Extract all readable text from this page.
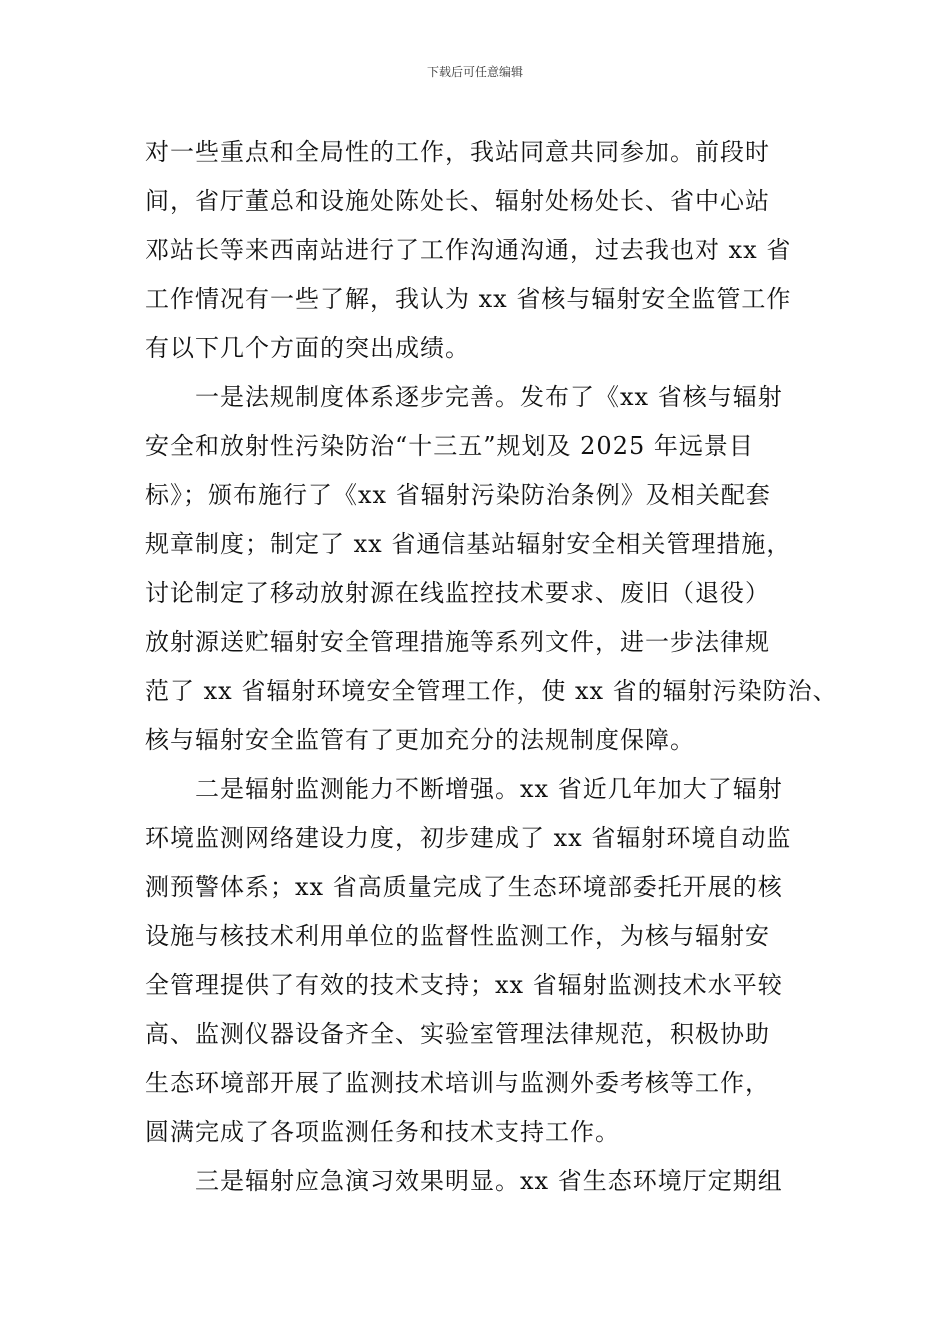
下载后可任意编辑
对一些重点和全局性的工作，我站同意共同参加。前段时
间，省厅董总和设施处陈处长、辐射处杨处长、省中心站
邓站长等来西南站进行了工作沟通沟通，过去我也对 xx 省
工作情况有一些了解，我认为 xx 省核与辐射安全监管工作
有以下几个方面的突出成绩。
　　一是法规制度体系逐步完善。发布了《xx 省核与辐射
安全和放射性污染防治“十三五”规划及 2025 年远景目
标》；颁布施行了《xx 省辐射污染防治条例》及相关配套
规章制度；制定了 xx 省通信基站辐射安全相关管理措施，
讨论制定了移动放射源在线监控技术要求、废旧（退役）
放射源送贮辐射安全管理措施等系列文件，进一步法律规
范了 xx 省辐射环境安全管理工作，使 xx 省的辐射污染防治、
核与辐射安全监管有了更加充分的法规制度保障。
　　二是辐射监测能力不断增强。xx 省近几年加大了辐射
环境监测网络建设力度，初步建成了 xx 省辐射环境自动监
测预警体系；xx 省高质量完成了生态环境部委托开展的核
设施与核技术利用单位的监督性监测工作，为核与辐射安
全管理提供了有效的技术支持；xx 省辐射监测技术水平较
高、监测仪器设备齐全、实验室管理法律规范，积极协助
生态环境部开展了监测技术培训与监测外委考核等工作，
圆满完成了各项监测任务和技术支持工作。
　　三是辐射应急演习效果明显。xx 省生态环境厅定期组
